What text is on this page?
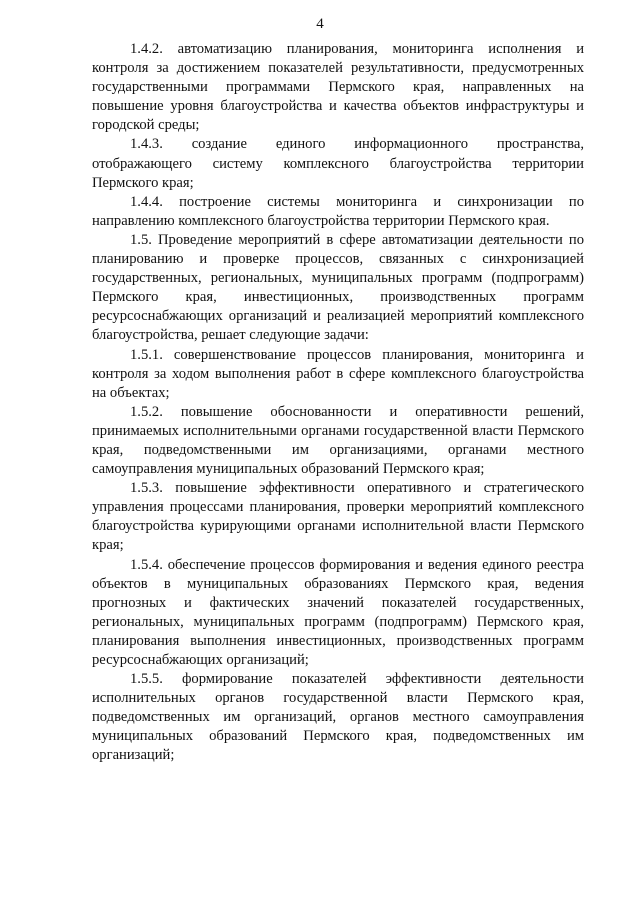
4

1.4.2. автоматизацию планирования, мониторинга исполнения и контроля за достижением показателей результативности, предусмотренных государственными программами Пермского края, направленных на повышение уровня благоустройства и качества объектов инфраструктуры и городской среды;

1.4.3. создание единого информационного пространства, отображающего систему комплексного благоустройства территории Пермского края;

1.4.4. построение системы мониторинга и синхронизации по направлению комплексного благоустройства территории Пермского края.

1.5. Проведение мероприятий в сфере автоматизации деятельности по планированию и проверке процессов, связанных с синхронизацией государственных, региональных, муниципальных программ (подпрограмм) Пермского края, инвестиционных, производственных программ ресурсоснабжающих организаций и реализацией мероприятий комплексного благоустройства, решает следующие задачи:

1.5.1. совершенствование процессов планирования, мониторинга и контроля за ходом выполнения работ в сфере комплексного благоустройства на объектах;

1.5.2. повышение обоснованности и оперативности решений, принимаемых исполнительными органами государственной власти Пермского края, подведомственными им организациями, органами местного самоуправления муниципальных образований Пермского края;

1.5.3. повышение эффективности оперативного и стратегического управления процессами планирования, проверки мероприятий комплексного благоустройства курирующими органами исполнительной власти Пермского края;

1.5.4. обеспечение процессов формирования и ведения единого реестра объектов в муниципальных образованиях Пермского края, ведения прогнозных и фактических значений показателей государственных, региональных, муниципальных программ (подпрограмм) Пермского края, планирования выполнения инвестиционных, производственных программ ресурсоснабжающих организаций;

1.5.5. формирование показателей эффективности деятельности исполнительных органов государственной власти Пермского края, подведомственных им организаций, органов местного самоуправления муниципальных образований Пермского края, подведомственных им организаций;
